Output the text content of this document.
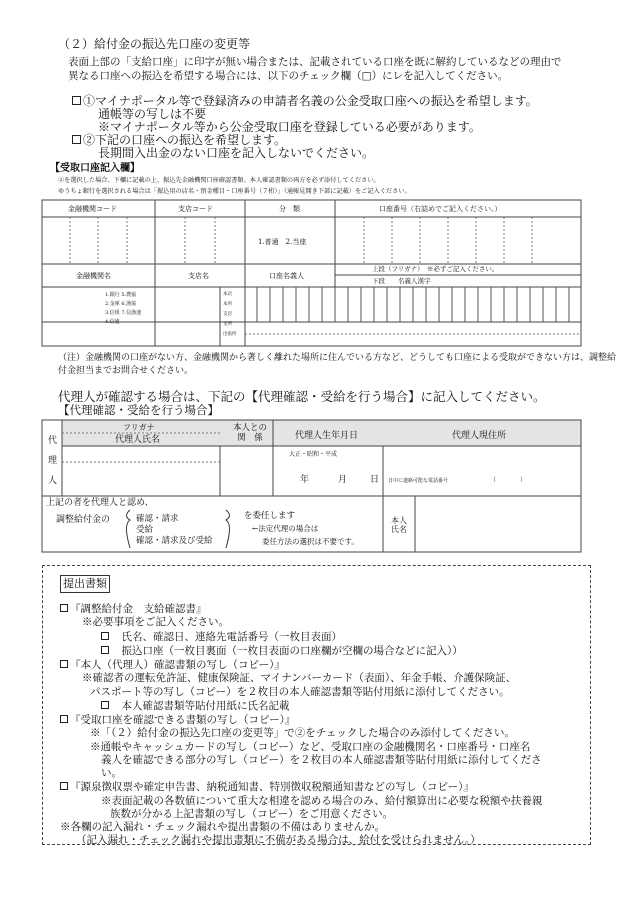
（２）給付金の振込先口座の変更等
表面上部の「支給口座」に印字が無い場合または、記載されている口座を既に解約しているなどの理由で
異なる口座への振込を希望する場合には、以下のチェック欄（□）にレを記入してください。
①マイナポータル等で登録済みの申請者名義の公金受取口座への振込を希望します。
通帳等の写しは不要
※マイナポータル等から公金受取口座を登録している必要があります。
②下記の口座への振込を希望します。
長期間入出金のない口座を記入しないでください。
【受取口座記入欄】
②を選択した場合、下欄に記載の上、振込先金融機関口座確認書類、本人確認書類の両方を必ず添付してください。
ゆうちょ銀行を選択される場合は「振込用の店名・預金種目・口座番号（７桁）」（通帳見開き下部に記載）をご記入ください。
金融機関コード	支店コード	分　類	口座番号（右詰めでご記入ください。）
1.普通　2.当座
金融機関名	支店名	口座名義人
上段（フリガナ）　※必ずご記入ください。
下段　　名義人漢字
1.銀行 5.農協
2.金庫 6.漁協
3.信組 7.信漁連
4.信連
本店
本所
支店
支所
出張所
（注）金融機関の口座がない方、金融機関から著しく離れた場所に住んでいる方など、どうしても口座による受取ができない方は、調整給付金担当までお問合せください。
代理人が確認する場合は、下記の【代理確認・受給を行う場合】に記入してください。
【代理確認・受給を行う場合】
代
理
人
フリガナ
代理人氏名
本人との関　係	代理人生年月日	代理人現住所
大正・昭和・平成
年	月	日 日中に連絡可能な電話番号	（　　　　）
上記の者を代理人と認め、
調整給付金の	確認・請求
受給
確認・請求及び受給
を委任します
←法定代理の場合は
委任方法の選択は不要です。
本人氏名
提出書類
『調整給付金　支給確認書』
※必要事項をご記入ください。
　氏名、確認日、連絡先電話番号（一枚目表面）
　振込口座（一枚目裏面（一枚目表面の口座欄が空欄の場合などに記入））
『本人（代理人）確認書類の写し（コピー）』
※確認者の運転免許証、健康保険証、マイナンバーカード（表面）、年金手帳、介護保険証、
パスポート等の写し（コピー）を２枚目の本人確認書類等貼付用紙に添付してください。
　本人確認書類等貼付用紙に氏名記載
『受取口座を確認できる書類の写し（コピー）』
※「（２）給付金の振込先口座の変更等」で②をチェックした場合のみ添付してください。
※通帳やキャッシュカードの写し（コピー）など、受取口座の金融機関名・口座番号・口座名
義人を確認できる部分の写し（コピー）を２枚目の本人確認書類等貼付用紙に添付してくださ
い。
『源泉徴収票や確定申告書、納税通知書、特別徴収税額通知書などの写し（コピー）』
※表面記載の各数値について重大な相違を認める場合のみ、給付額算出に必要な税額や扶養親
族数が分かる上記書類の写し（コピー）をご用意ください。
※各欄の記入漏れ・チェック漏れや提出書類の不備はありませんか。
（記入漏れ・チェック漏れや提出書類に不備がある場合は、給付を受けられません。）
